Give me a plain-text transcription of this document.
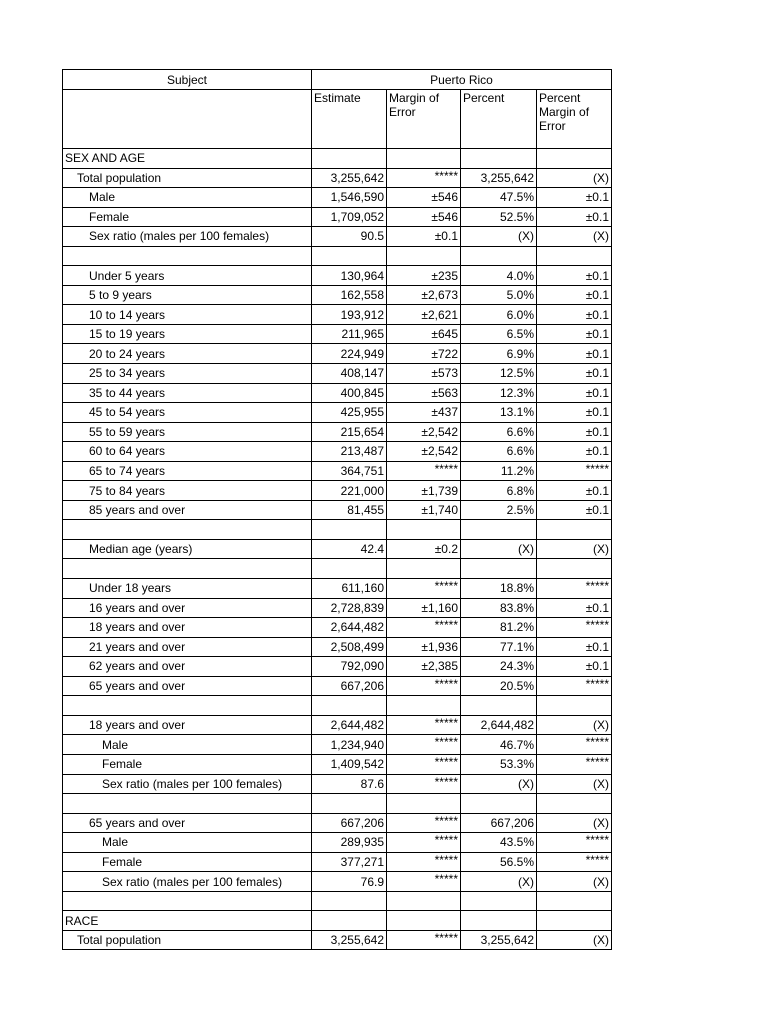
Subject	Puerto Rico			
	Estimate	Margin of Error	Percent	Percent Margin of Error
SEX AND AGE				
Total population	3,255,642	*****	3,255,642	(X)
Male	1,546,590	±546	47.5%	±0.1
Female	1,709,052	±546	52.5%	±0.1
Sex ratio (males per 100 females)	90.5	±0.1	(X)	(X)

Under 5 years	130,964	±235	4.0%	±0.1
5 to 9 years	162,558	±2,673	5.0%	±0.1
10 to 14 years	193,912	±2,621	6.0%	±0.1
15 to 19 years	211,965	±645	6.5%	±0.1
20 to 24 years	224,949	±722	6.9%	±0.1
25 to 34 years	408,147	±573	12.5%	±0.1
35 to 44 years	400,845	±563	12.3%	±0.1
45 to 54 years	425,955	±437	13.1%	±0.1
55 to 59 years	215,654	±2,542	6.6%	±0.1
60 to 64 years	213,487	±2,542	6.6%	±0.1
65 to 74 years	364,751	*****	11.2%	*****
75 to 84 years	221,000	±1,739	6.8%	±0.1
85 years and over	81,455	±1,740	2.5%	±0.1

Median age (years)	42.4	±0.2	(X)	(X)

Under 18 years	611,160	*****	18.8%	*****
16 years and over	2,728,839	±1,160	83.8%	±0.1
18 years and over	2,644,482	*****	81.2%	*****
21 years and over	2,508,499	±1,936	77.1%	±0.1
62 years and over	792,090	±2,385	24.3%	±0.1
65 years and over	667,206	*****	20.5%	*****

18 years and over	2,644,482	*****	2,644,482	(X)
Male	1,234,940	*****	46.7%	*****
Female	1,409,542	*****	53.3%	*****
Sex ratio (males per 100 females)	87.6	*****	(X)	(X)

65 years and over	667,206	*****	667,206	(X)
Male	289,935	*****	43.5%	*****
Female	377,271	*****	56.5%	*****
Sex ratio (males per 100 females)	76.9	*****	(X)	(X)

RACE				
Total population	3,255,642	*****	3,255,642	(X)
